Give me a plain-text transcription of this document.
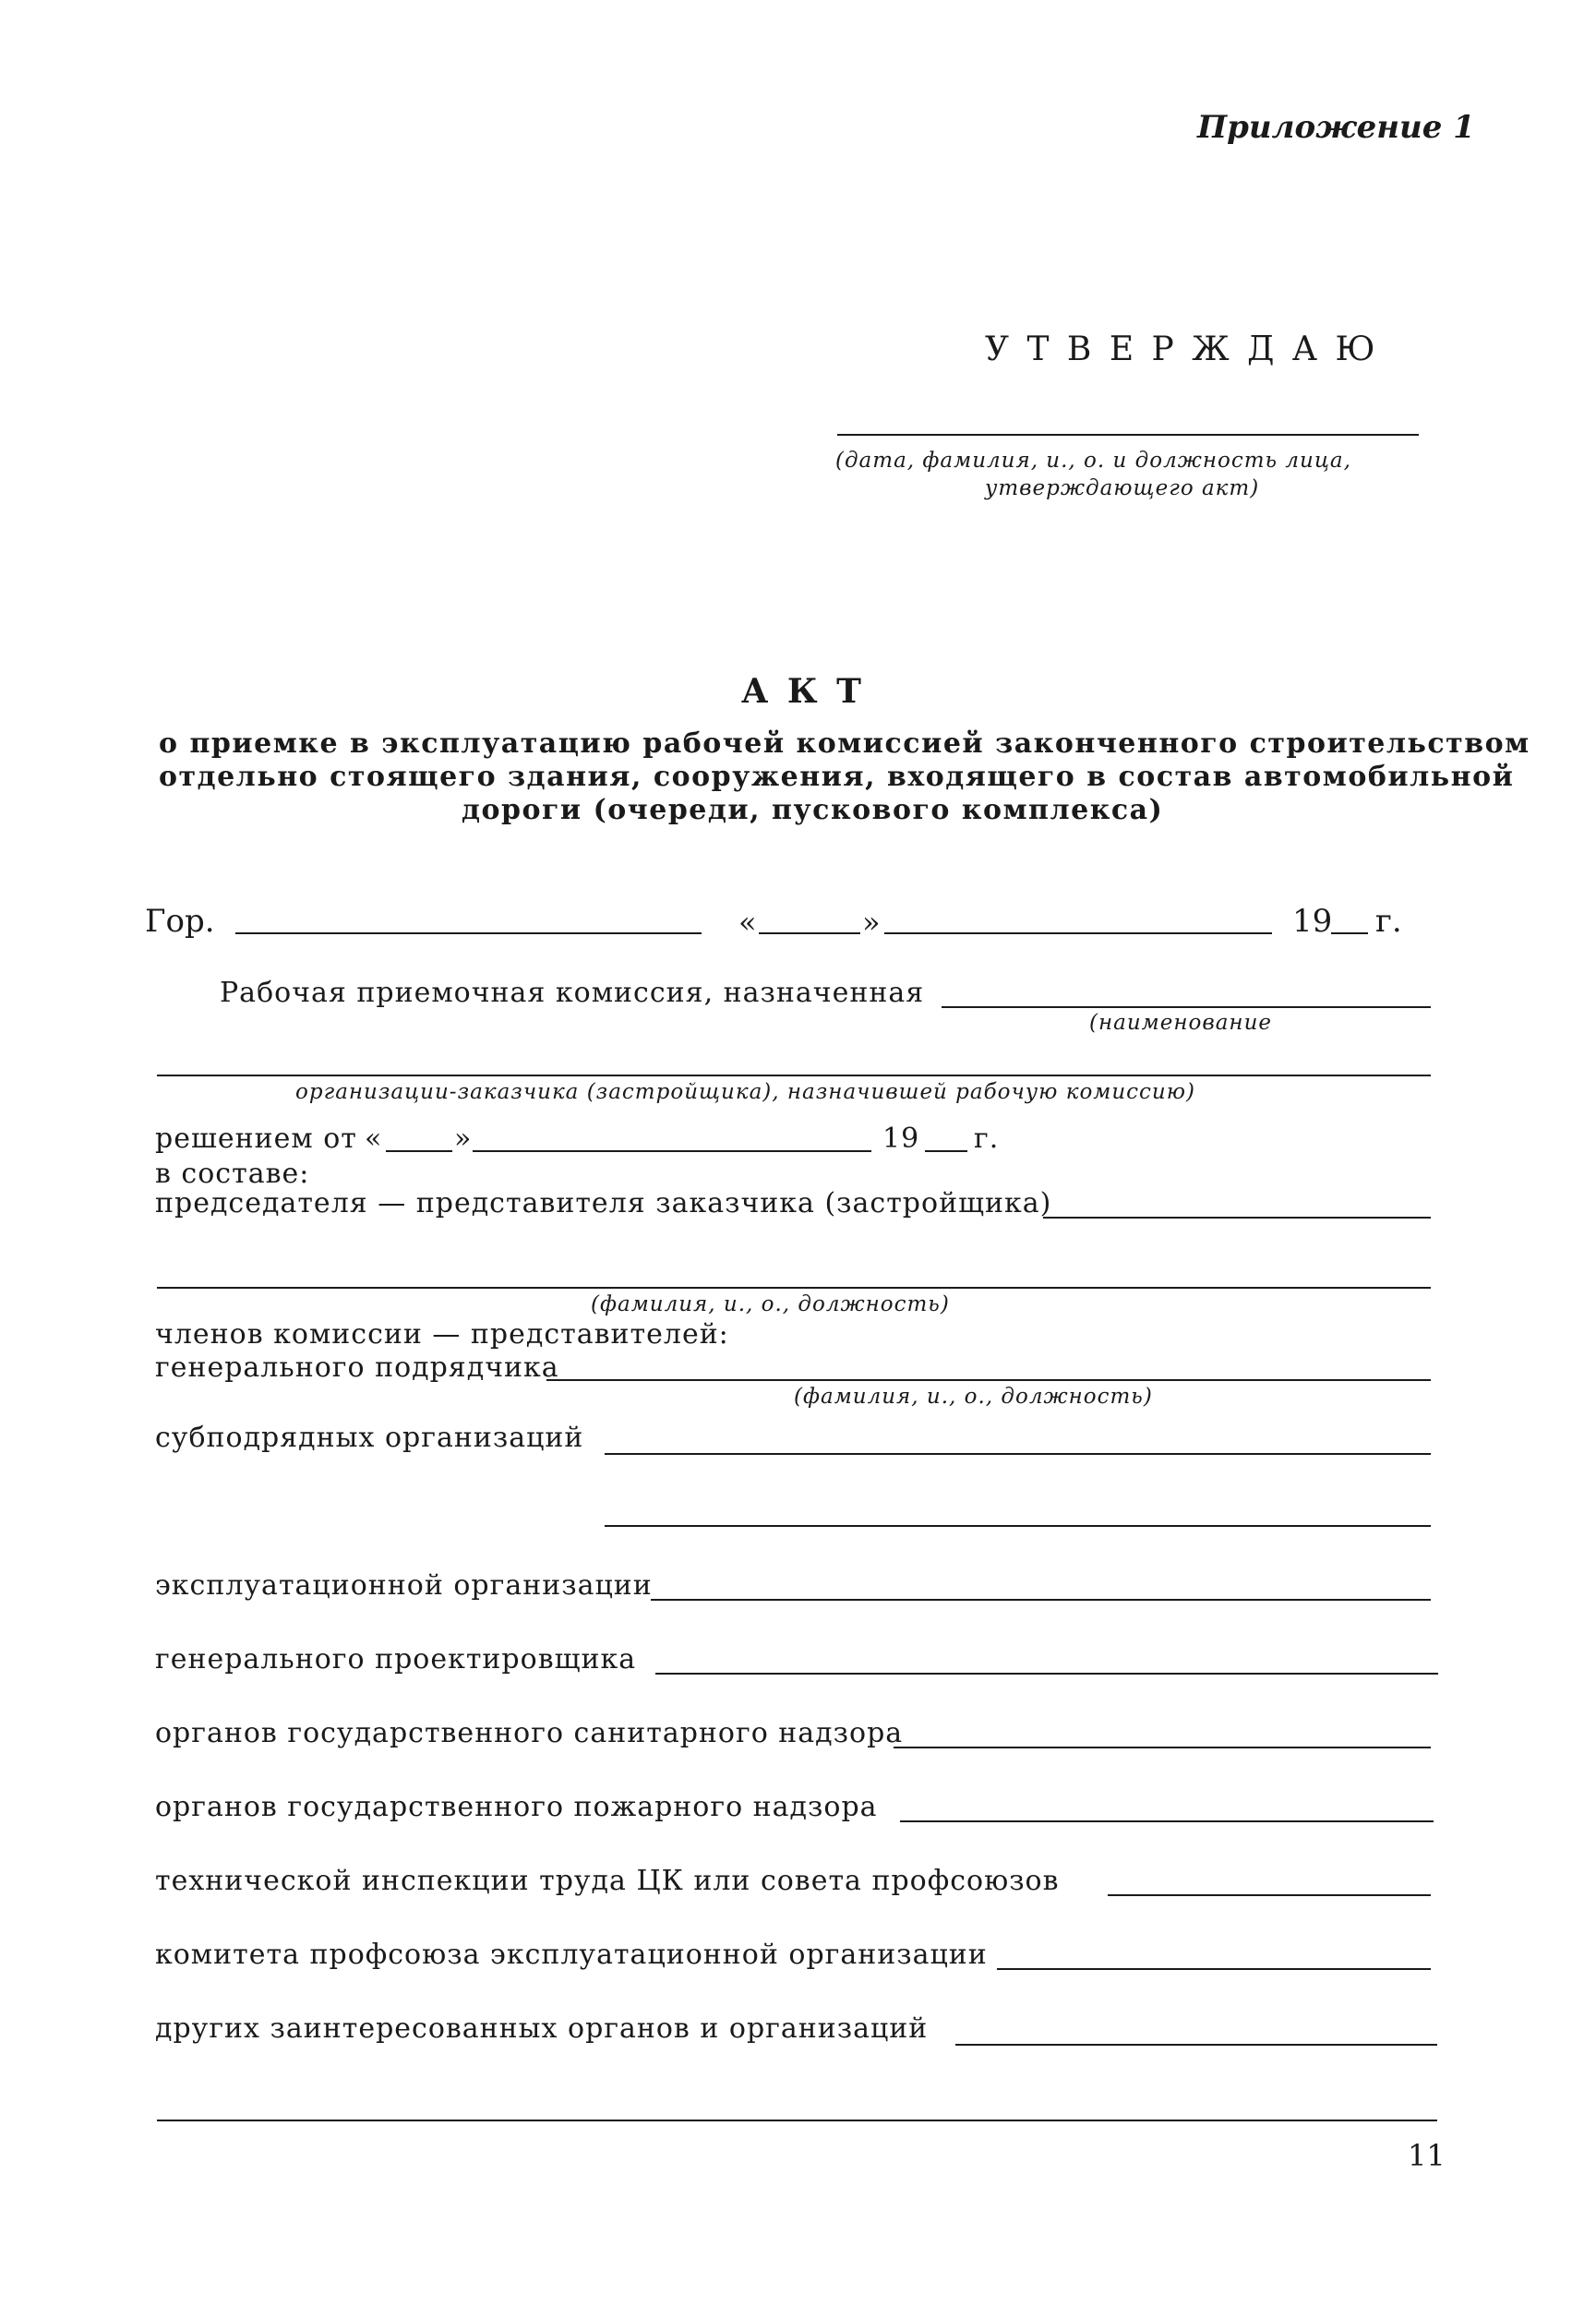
Приложение 1
У Т В Е Р Ж Д А Ю
(дата, фамилия, и., о. и должность лица,
утверждающего акт)
А К Т
о приемке в эксплуатацию рабочей комиссией законченного строительством
отдельно стоящего здания, сооружения, входящего в состав автомобильной
дороги (очереди, пускового комплекса)
Гор.	«	»	19 г.
Рабочая приемочная комиссия, назначенная
(наименование
организации-заказчика (застройщика), назначившей рабочую комиссию)
решением от «	»	19 г.
в составе:
председателя — представителя заказчика (застройщика)
(фамилия, и., о., должность)
членов комиссии — представителей:
генерального подрядчика
(фамилия, и., о., должность)
субподрядных организаций
эксплуатационной организации
генерального проектировщика
органов государственного санитарного надзора
органов государственного пожарного надзора
технической инспекции труда ЦК или совета профсоюзов
комитета профсоюза эксплуатационной организации
других заинтересованных органов и организаций
11
